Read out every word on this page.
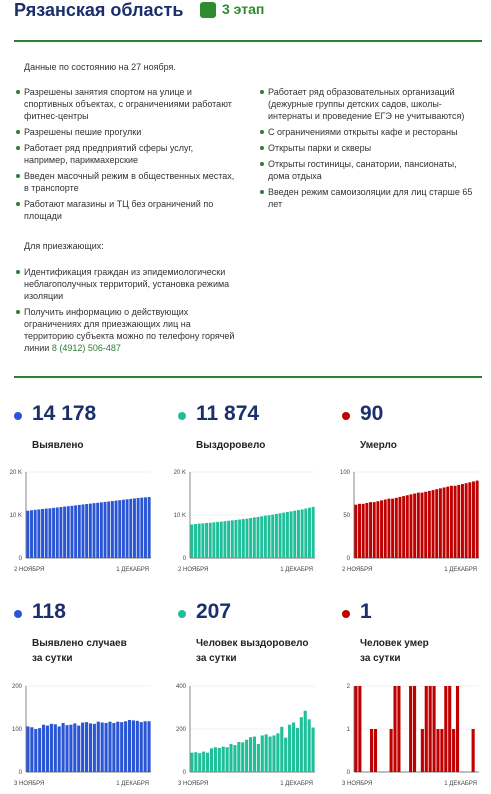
Рязанская область	3 этап
Данные по состоянию на 27 ноября.
Разрешены занятия спортом на улице и спортивных объектах, с ограничениями работают фитнес-центры
Разрешены пешие прогулки
Работает ряд предприятий сферы услуг, например, парикмахерские
Введен масочный режим в общественных местах, в транспорте
Работают магазины и ТЦ без ограничений по площади
Работает ряд образовательных организаций (дежурные группы детских садов, школы-интернаты и проведение ЕГЭ не учитываются)
С ограничениями открыты кафе и рестораны
Открыты парки и скверы
Открыты гостиницы, санатории, пансионаты, дома отдыха
Введен режим самоизоляции для лиц старше 65 лет
Для приезжающих:
Идентификация граждан из эпидемиологически неблагополучных территорий, установка режима изоляции
Получить информацию о действующих ограничениях для приезжающих лиц на территорию субъекта можно по телефону горячей линии 8 (4912) 506-487
14 178
Выявлено
11 874
Выздоровело
90
Умерло
0
10 K
20 K
2 НОЯБРЯ	1 ДЕКАБРЯ
0
10 K
20 K
2 НОЯБРЯ	1 ДЕКАБРЯ
0
50
100
2 НОЯБРЯ	1 ДЕКАБРЯ
118
Выявлено случаев
за сутки
207
Человек выздоровело
за сутки
1
Человек умер
за сутки
0
100
200
3 НОЯБРЯ	1 ДЕКАБРЯ
0
200
400
3 НОЯБРЯ	1 ДЕКАБРЯ
0
1
2
3 НОЯБРЯ	1 ДЕКАБРЯ
